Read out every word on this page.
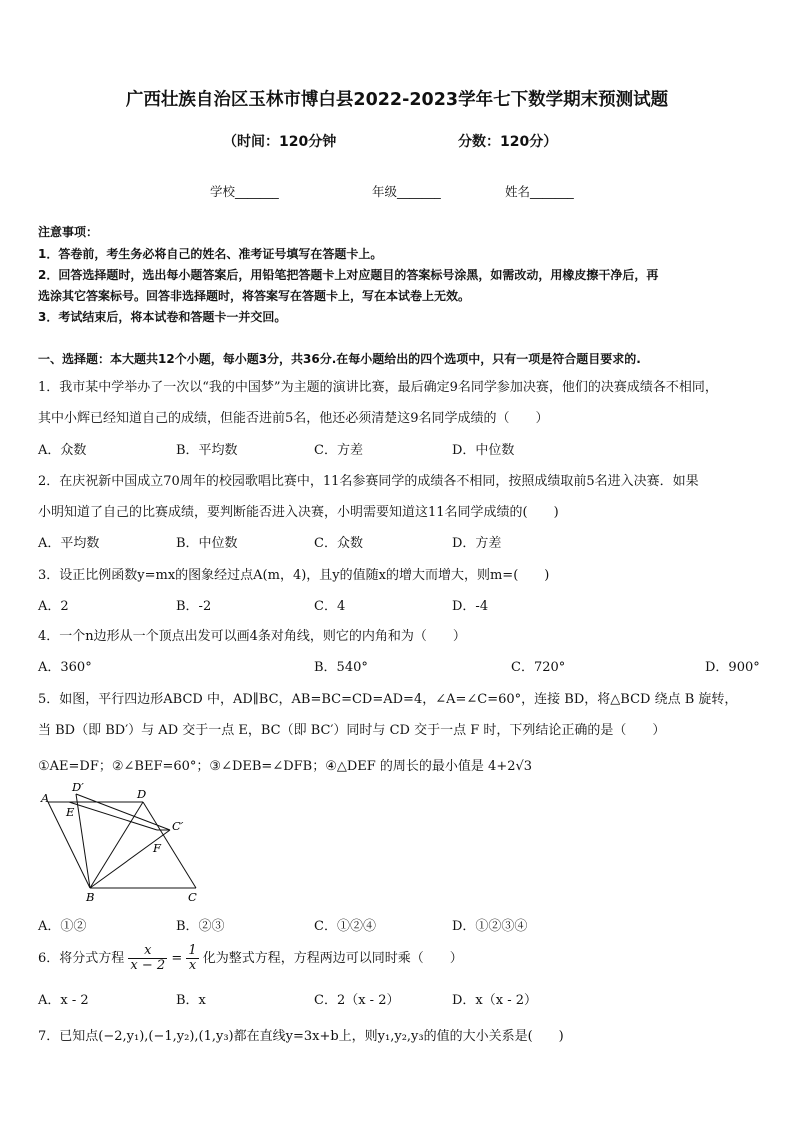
广西壮族自治区玉林市博白县2022-2023学年七下数学期末预测试题
（时间：120分钟	分数：120分）
学校_______	年级_______	姓名_______
注意事项：
1．答卷前，考生务必将自己的姓名、准考证号填写在答题卡上。
2．回答选择题时，选出每小题答案后，用铅笔把答题卡上对应题目的答案标号涂黑，如需改动，用橡皮擦干净后，再
选涂其它答案标号。回答非选择题时，将答案写在答题卡上，写在本试卷上无效。
3．考试结束后，将本试卷和答题卡一并交回。
一、选择题：本大题共12个小题，每小题3分，共36分.在每小题给出的四个选项中，只有一项是符合题目要求的.
1．我市某中学举办了一次以“我的中国梦”为主题的演讲比赛，最后确定9名同学参加决赛，他们的决赛成绩各不相同，
其中小辉已经知道自己的成绩，但能否进前5名，他还必须清楚这9名同学成绩的（　　）
A．众数	B．平均数	C．方差	D．中位数
2．在庆祝新中国成立70周年的校园歌唱比赛中，11名参赛同学的成绩各不相同，按照成绩取前5名进入决赛．如果
小明知道了自己的比赛成绩，要判断能否进入决赛，小明需要知道这11名同学成绩的(　　)
A．平均数	B．中位数	C．众数	D．方差
3．设正比例函数y=mx的图象经过点A(m，4)，且y的值随x的增大而增大，则m=(　　)
A．2	B．-2	C．4	D．-4
4．一个n边形从一个顶点出发可以画4条对角线，则它的内角和为（　　）
A．360°	B．540°	C．720°	D．900°
5．如图，平行四边形ABCD 中，AD∥BC，AB=BC=CD=AD=4，∠A=∠C=60°，连接 BD，将△BCD 绕点 B 旋转，
当 BD（即 BD′）与 AD 交于一点 E，BC（即 BC′）同时与 CD 交于一点 F 时，下列结论正确的是（　　）
①AE=DF；②∠BEF=60°；③∠DEB=∠DFB；④△DEF 的周长的最小值是 4+2√3
A
D′	D
E
C′
F
B	C
A．①②	B．②③	C．①②④	D．①②③④
6．将分式方程 $\frac{x}{x - 2} = \frac{1}{x}$ 化为整式方程，方程两边可以同时乘（　　）
A．x - 2	B．x	C．2（x - 2）	D．x（x - 2）
7．已知点(−2,y₁),(−1,y₂),(1,y₃)都在直线y=3x+b上，则y₁,y₂,y₃的值的大小关系是(　　)
